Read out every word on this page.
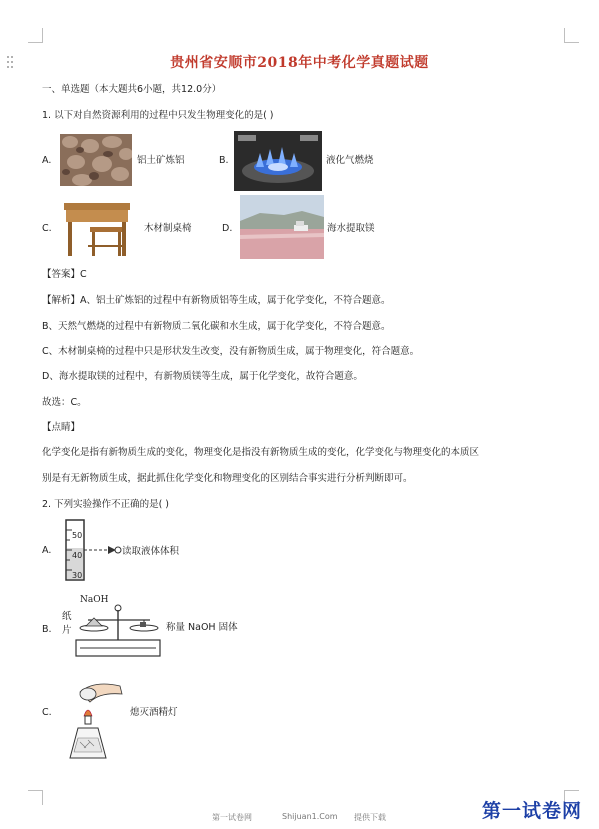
贵州省安顺市2018年中考化学真题试题
一、单选题（本大题共6小题，共12.0分）
1. 以下对自然资源利用的过程中只发生物理变化的是( )
A.	铝土矿炼铝	B.	液化气燃烧
C.	木材制桌椅	D.	海水提取镁
【答案】C
【解析】A、铝土矿炼铝的过程中有新物质铝等生成，属于化学变化，不符合题意。
B、天然气燃烧的过程中有新物质二氧化碳和水生成，属于化学变化，不符合题意。
C、木材制桌椅的过程中只是形状发生改变，没有新物质生成，属于物理变化，符合题意。
D、海水提取镁的过程中，有新物质镁等生成，属于化学变化，故符合题意。
故选：C。
【点睛】
化学变化是指有新物质生成的变化，物理变化是指没有新物质生成的变化，化学变化与物理变化的本质区
别是有无新物质生成，据此抓住化学变化和物理变化的区别结合事实进行分析判断即可。
2. 下列实验操作不正确的是( )
A.
50
40
30
读取液体体积
B.
NaOH
纸
片	称量 NaOH 固体
C.	熄灭酒精灯
第一试卷网	Shijuan1.Com 提供下载	第一试卷网
